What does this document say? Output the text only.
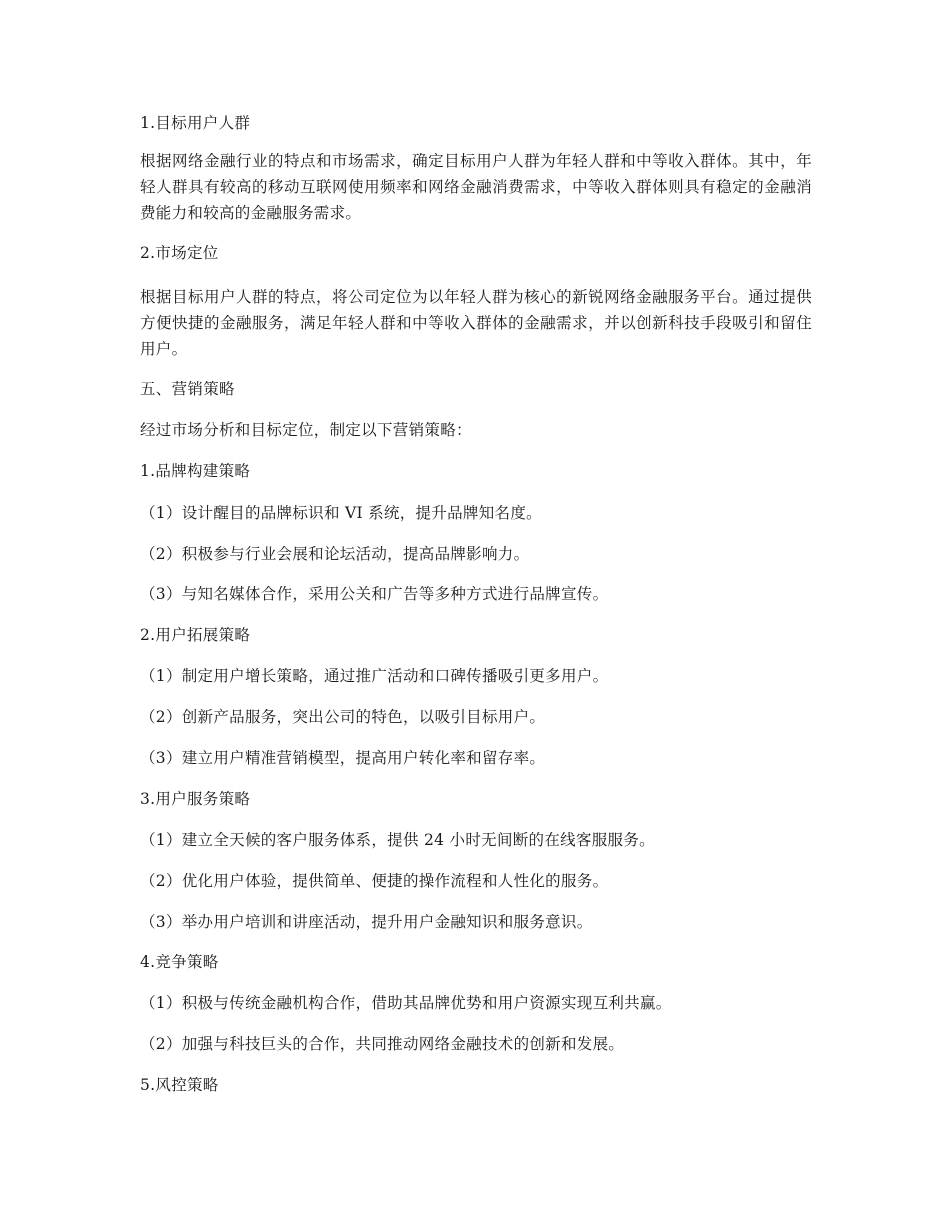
1.目标用户人群
根据网络金融行业的特点和市场需求，确定目标用户人群为年轻人群和中等收入群体。其中，年轻人群具有较高的移动互联网使用频率和网络金融消费需求，中等收入群体则具有稳定的金融消费能力和较高的金融服务需求。
2.市场定位
根据目标用户人群的特点，将公司定位为以年轻人群为核心的新锐网络金融服务平台。通过提供方便快捷的金融服务，满足年轻人群和中等收入群体的金融需求，并以创新科技手段吸引和留住用户。
五、营销策略
经过市场分析和目标定位，制定以下营销策略：
1.品牌构建策略
（1）设计醒目的品牌标识和 VI 系统，提升品牌知名度。
（2）积极参与行业会展和论坛活动，提高品牌影响力。
（3）与知名媒体合作，采用公关和广告等多种方式进行品牌宣传。
2.用户拓展策略
（1）制定用户增长策略，通过推广活动和口碑传播吸引更多用户。
（2）创新产品服务，突出公司的特色，以吸引目标用户。
（3）建立用户精准营销模型，提高用户转化率和留存率。
3.用户服务策略
（1）建立全天候的客户服务体系，提供 24 小时无间断的在线客服服务。
（2）优化用户体验，提供简单、便捷的操作流程和人性化的服务。
（3）举办用户培训和讲座活动，提升用户金融知识和服务意识。
4.竞争策略
（1）积极与传统金融机构合作，借助其品牌优势和用户资源实现互利共赢。
（2）加强与科技巨头的合作，共同推动网络金融技术的创新和发展。
5.风控策略
